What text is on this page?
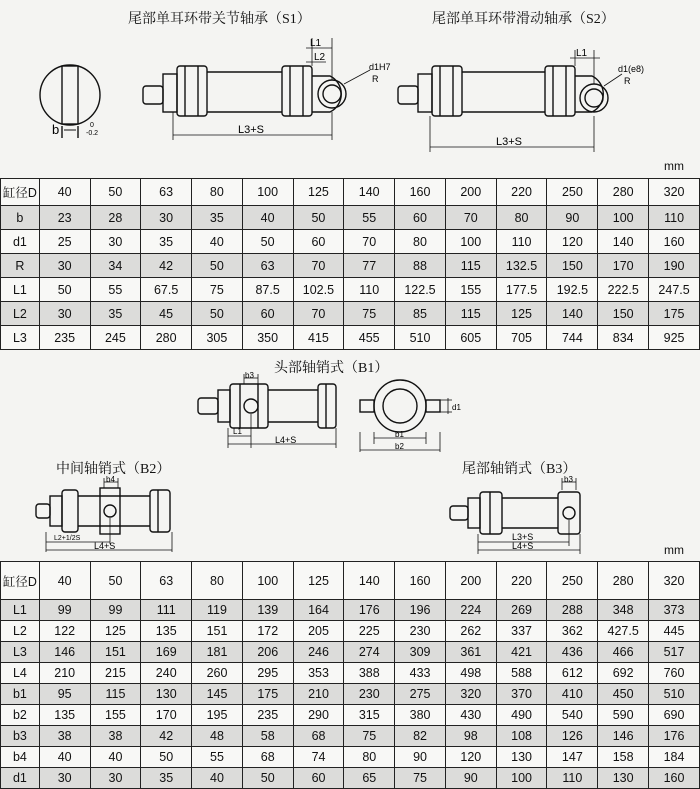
尾部单耳环带关节轴承（S1）	尾部单耳环带滑动轴承（S2）
b	0
-0.2	L3+S
L1
L2
d1H7
R
L3+S
L1
d1(e8)
R
mm
缸径D	40	50	63	80	100	125	140	160	200	220	250	280	320
b	23	28	30	35	40	50	55	60	70	80	90	100	110
d1	25	30	35	40	50	60	70	80	100	110	120	140	160
R	30	34	42	50	63	70	77	88	115	132.5	150	170	190
L1	50	55	67.5	75	87.5	102.5	110	122.5	155	177.5	192.5	222.5	247.5
L2	30	35	45	50	60	70	75	85	115	125	140	150	175
L3	235	245	280	305	350	415	455	510	605	705	744	834	925
头部轴销式（B1）
中间轴销式（B2）	尾部轴销式（B3）
b3
L1
L4+S
b1
b2
d1
b4
L2+1/2S
L4+S
b3
L3+S
L4+S	mm
缸径D	40	50	63	80	100	125	140	160	200	220	250	280	320
L1	99	99	111	119	139	164	176	196	224	269	288	348	373
L2	122	125	135	151	172	205	225	230	262	337	362	427.5	445
L3	146	151	169	181	206	246	274	309	361	421	436	466	517
L4	210	215	240	260	295	353	388	433	498	588	612	692	760
b1	95	115	130	145	175	210	230	275	320	370	410	450	510
b2	135	155	170	195	235	290	315	380	430	490	540	590	690
b3	38	38	42	48	58	68	75	82	98	108	126	146	176
b4	40	40	50	55	68	74	80	90	120	130	147	158	184
d1	30	30	35	40	50	60	65	75	90	100	110	130	160
